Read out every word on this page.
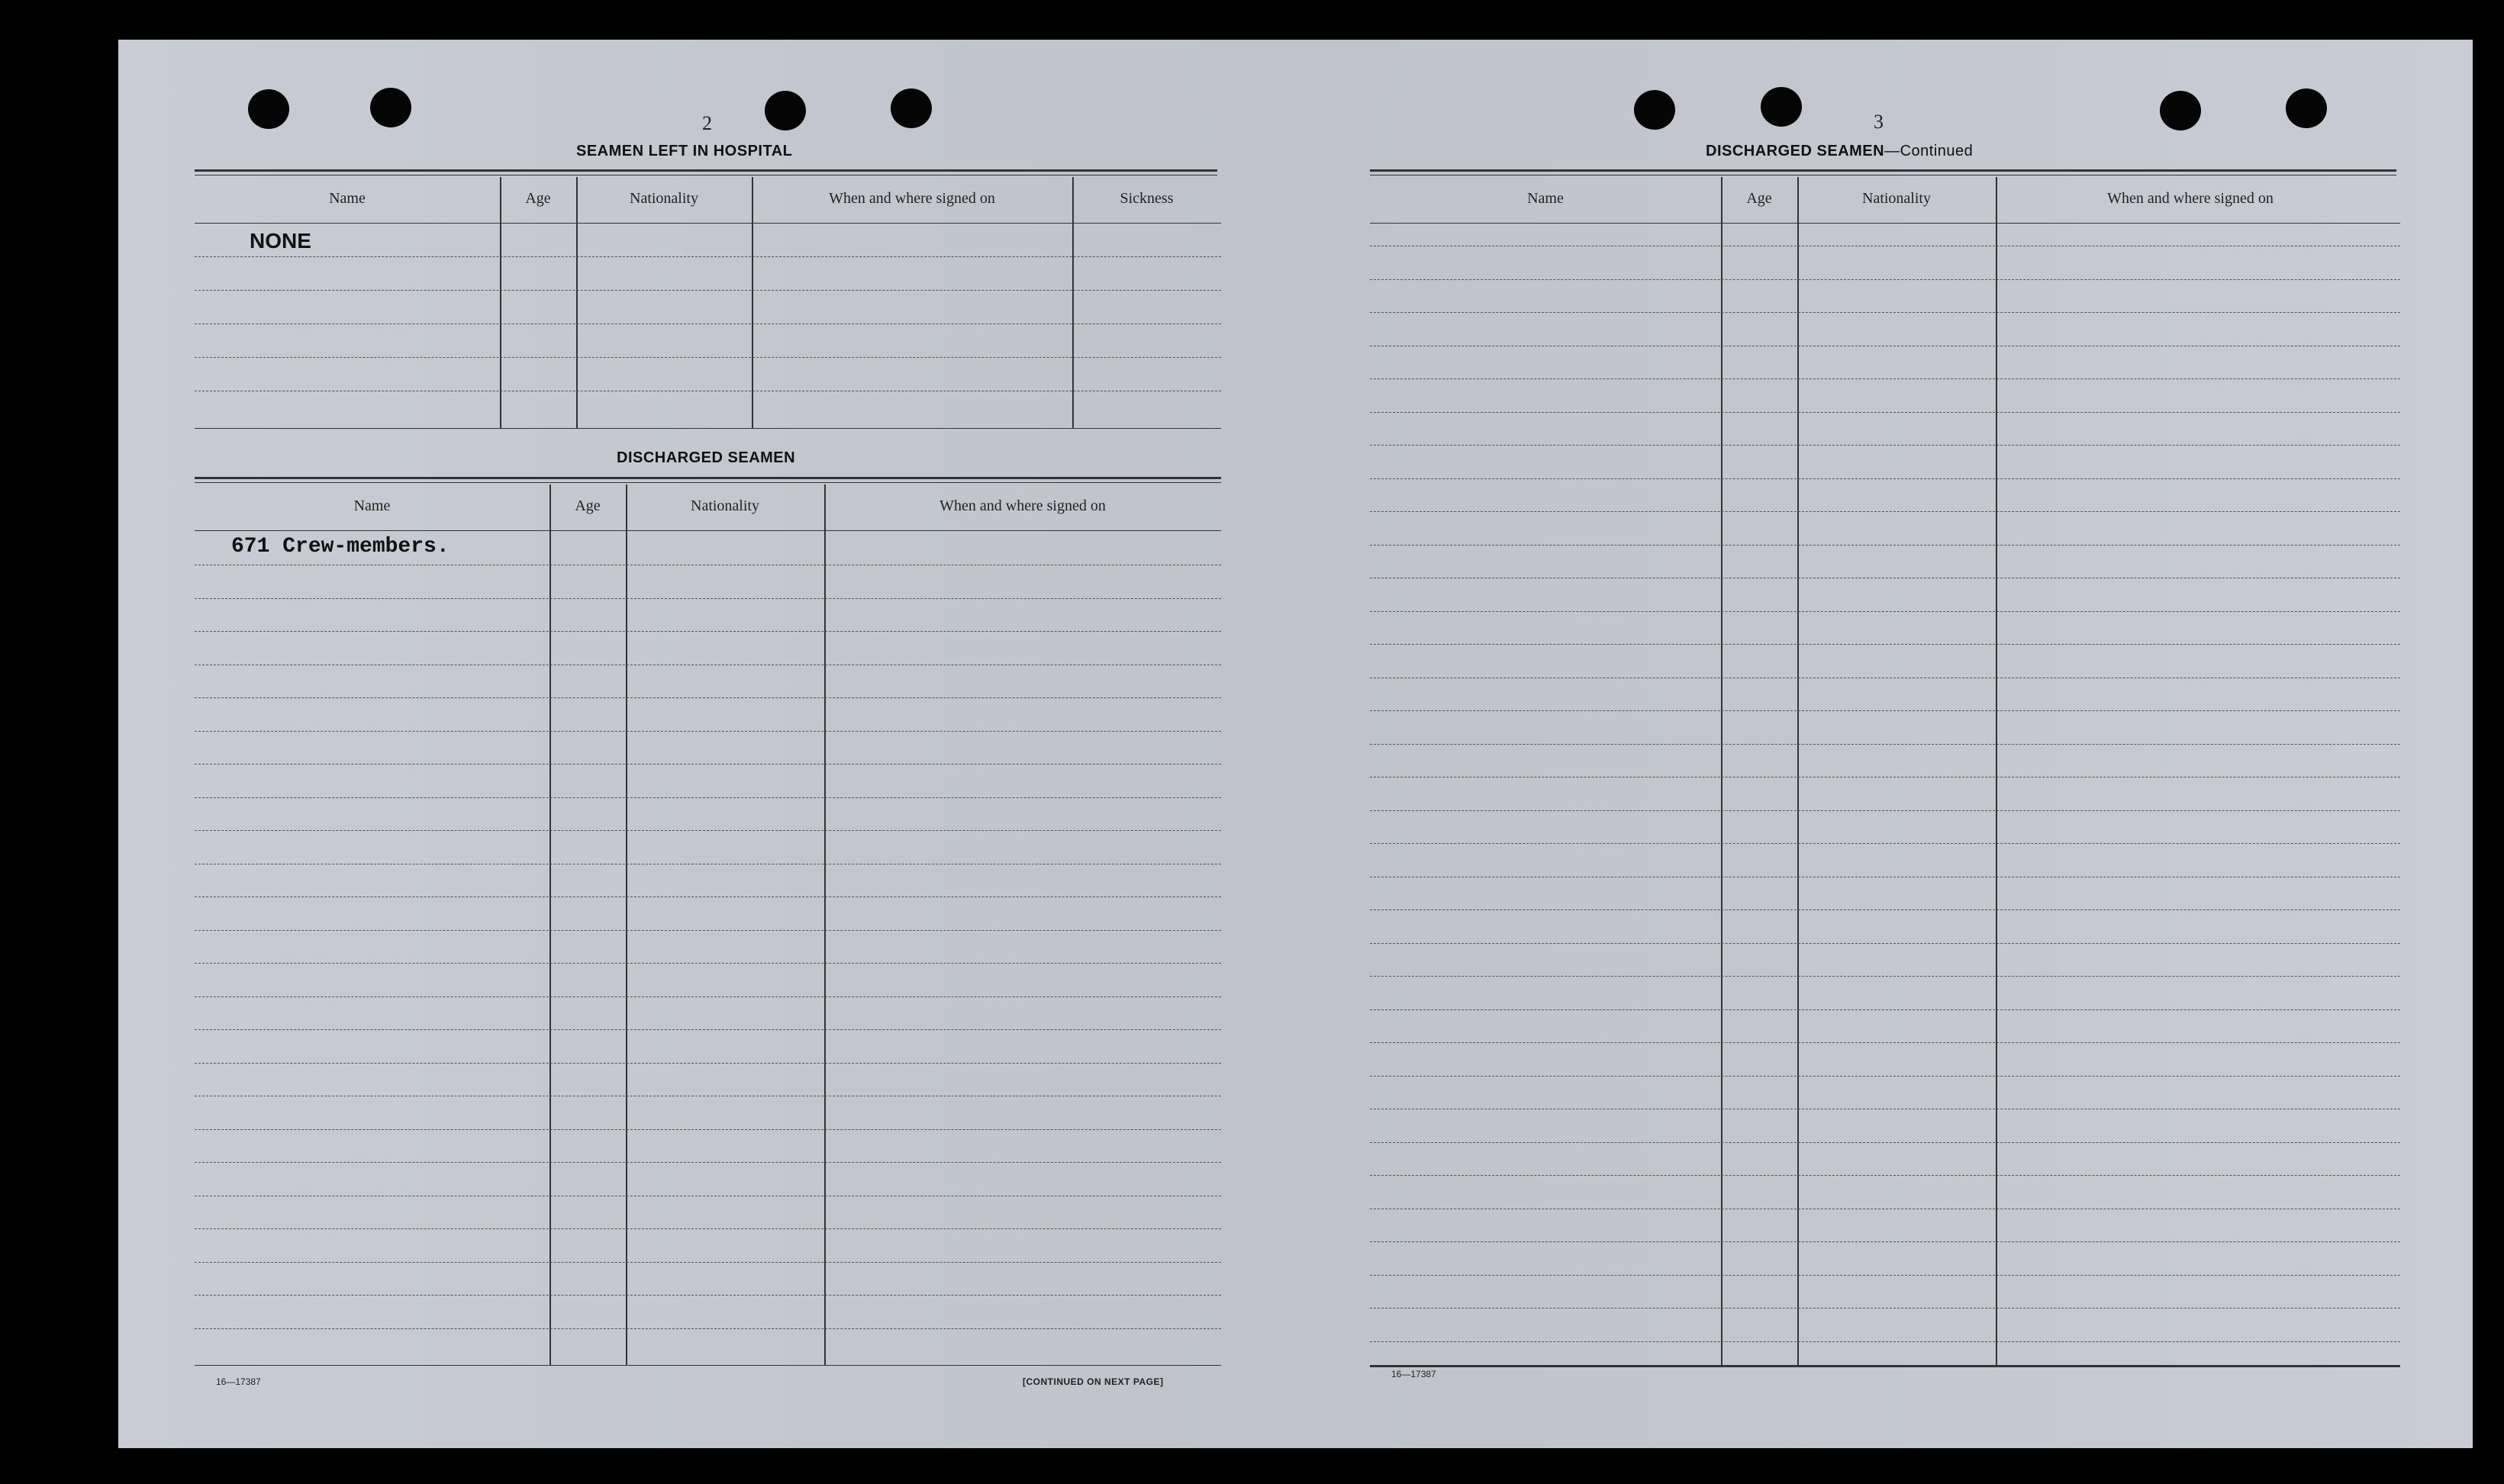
2
SEAMEN LEFT IN HOSPITAL
Name	Age	Nationality	When and where signed on	Sickness
NONE
DISCHARGED SEAMEN
Name	Age	Nationality	When and where signed on
671 Crew-members.
16—17387	[CONTINUED ON NEXT PAGE]
3
DISCHARGED SEAMEN—Continued
Name	Age	Nationality	When and where signed on
16—17387
